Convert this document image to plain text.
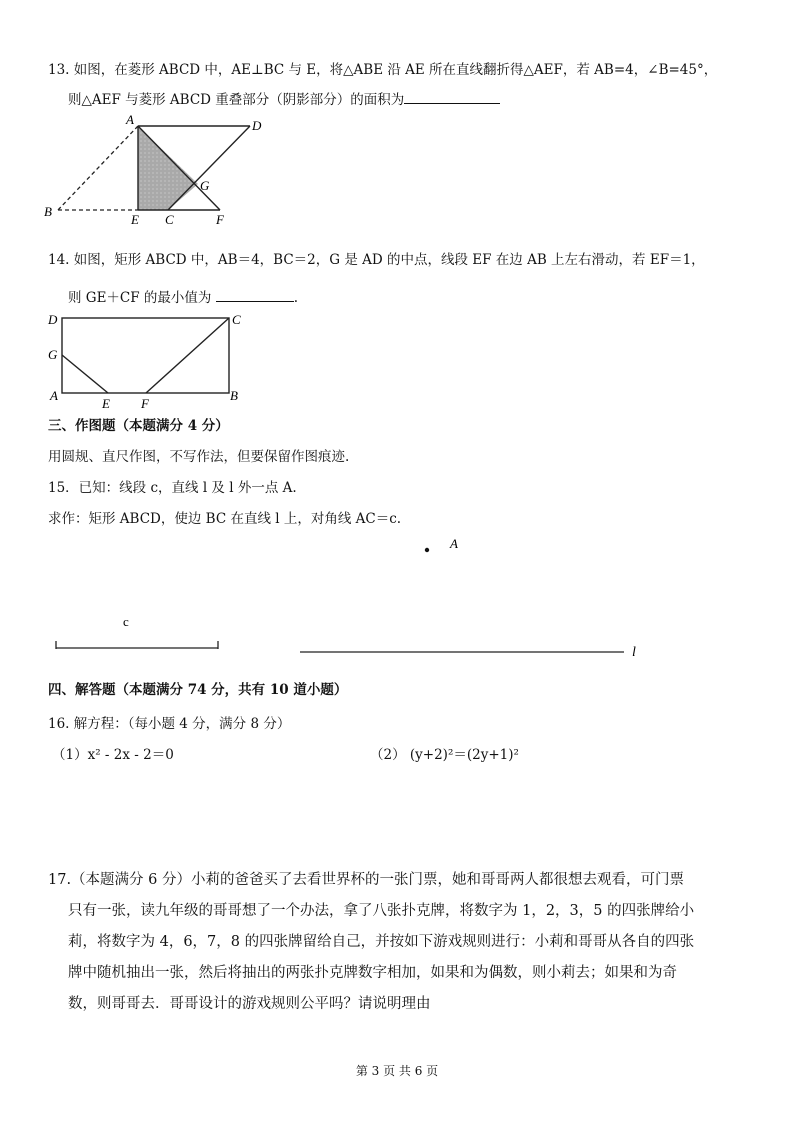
13. 如图，在菱形 ABCD 中，AE⊥BC 与 E，将△ABE 沿 AE 所在直线翻折得△AEF，若 AB=4，∠B=45°，
则△AEF 与菱形 ABCD 重叠部分（阴影部分）的面积为
A	D
B
E C	F
G
14. 如图，矩形 ABCD 中，AB＝4，BC＝2，G 是 AD 的中点，线段 EF 在边 AB 上左右滑动，若 EF＝1，
则 GE＋CF 的最小值为	.
D	C
G
A	B
E F
三、作图题（本题满分 4 分）
用圆规、直尺作图，不写作法，但要保留作图痕迹.
15．已知：线段 c，直线 l 及 l 外一点 A.
求作：矩形 ABCD，使边 BC 在直线 l 上，对角线 AC＝c.
A
c
l
四、解答题（本题满分 74 分，共有 10 道小题）
16. 解方程：（每小题 4 分，满分 8 分）
（1）x² - 2x - 2＝0	（2） (y+2)²＝(2y+1)²
17.（本题满分 6 分）小莉的爸爸买了去看世界杯的一张门票，她和哥哥两人都很想去观看，可门票
只有一张，读九年级的哥哥想了一个办法，拿了八张扑克牌，将数字为 1，2，3，5 的四张牌给小
莉，将数字为 4，6，7，8 的四张牌留给自己，并按如下游戏规则进行：小莉和哥哥从各自的四张
牌中随机抽出一张，然后将抽出的两张扑克牌数字相加，如果和为偶数，则小莉去；如果和为奇
数，则哥哥去．哥哥设计的游戏规则公平吗？请说明理由
第 3 页 共 6 页
